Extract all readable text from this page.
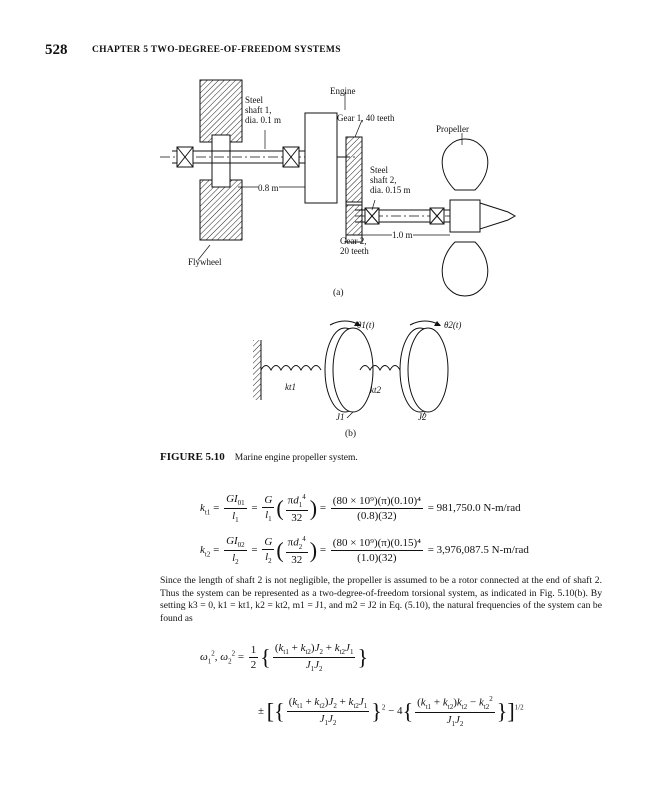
528	CHAPTER 5 TWO-DEGREE-OF-FREEDOM SYSTEMS
Engine
Steel
shaft 1,
dia. 0.1 m	Gear 1, 40 teeth
Propeller
Steel
shaft 2,
dia. 0.15 m
0.8 m
1.0 m
Gear 2,
20 teeth
Flywheel
(a)
θ1(t)	θ2(t)
kt1	kt2
J1	J2
(b)
FIGURE 5.10 Marine engine propeller system.
$k_{t1} = \frac{GI_{01}}{l_1} = \frac{G}{l_1}$ ( $\frac{\pi d_1^4}{32}$ ) = $\frac{\text{(80 × 10⁹)(π)(0.10)⁴}}{(0.8)(32)} = 981,750.0$ N-m/rad
$k_{t2} = \frac{GI_{02}}{l_2} = \frac{G}{l_2}$ ( $\frac{\pi d_2^4}{32}$ ) = $\frac{\text{(80 × 10⁹)(π)(0.15)⁴}}{(1.0)(32)} = 3,976,087.5$ N-m/rad
Since the length of shaft 2 is not negligible, the propeller is assumed to be a rotor connected at the end of shaft 2. Thus the system can be represented as a two-degree-of-freedom torsional system, as indicated in Fig. 5.10(b). By setting k3 = 0, k1 = kt1, k2 = kt2, m1 = J1, and m2 = J2 in Eq. (5.10), the natural frequencies of the system can be found as
$\omega_1^2$, $\omega_2^2 = \frac{1}{2}$ { $\frac{(k_{t1} + k_{t2})J_2 + k_{t2}J_1}{J_1J_2}$ }
± [{ $\frac{(k_{t1} + k_{t2})J_2 + k_{t2}J_1}{J_1J_2} \}^2 - 4\{ \frac{(k_{t1} + k_{t2})k_{t2} - k_{t2}^2}{J_1J_2} \}]^{1/2}$
